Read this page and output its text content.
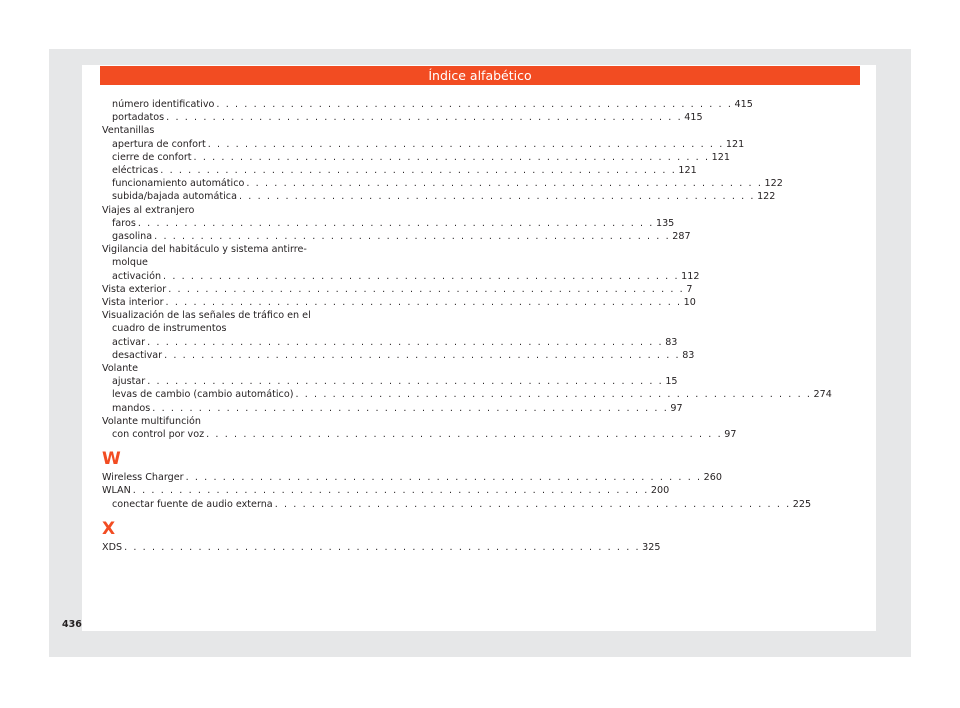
Índice alfabético
número identificativo . . . . . . . . . . . . . . . . . . . . . . . . . . . . . . . . . . . . . . . . . . . . . . . . . . . . . . . . 415
portadatos . . . . . . . . . . . . . . . . . . . . . . . . . . . . . . . . . . . . . . . . . . . . . . . . . . . . . . . . 415
Ventanillas
apertura de confort . . . . . . . . . . . . . . . . . . . . . . . . . . . . . . . . . . . . . . . . . . . . . . . . . . . . . . . . 121
cierre de confort . . . . . . . . . . . . . . . . . . . . . . . . . . . . . . . . . . . . . . . . . . . . . . . . . . . . . . . . 121
eléctricas . . . . . . . . . . . . . . . . . . . . . . . . . . . . . . . . . . . . . . . . . . . . . . . . . . . . . . . . 121
funcionamiento automático . . . . . . . . . . . . . . . . . . . . . . . . . . . . . . . . . . . . . . . . . . . . . . . . . . . . . . . . 122
subida/bajada automática . . . . . . . . . . . . . . . . . . . . . . . . . . . . . . . . . . . . . . . . . . . . . . . . . . . . . . . . 122
Viajes al extranjero
faros . . . . . . . . . . . . . . . . . . . . . . . . . . . . . . . . . . . . . . . . . . . . . . . . . . . . . . . . 135
gasolina . . . . . . . . . . . . . . . . . . . . . . . . . . . . . . . . . . . . . . . . . . . . . . . . . . . . . . . . 287
Vigilancia del habitáculo y sistema antirre-
molque
activación . . . . . . . . . . . . . . . . . . . . . . . . . . . . . . . . . . . . . . . . . . . . . . . . . . . . . . . . 112
Vista exterior . . . . . . . . . . . . . . . . . . . . . . . . . . . . . . . . . . . . . . . . . . . . . . . . . . . . . . . . 7
Vista interior . . . . . . . . . . . . . . . . . . . . . . . . . . . . . . . . . . . . . . . . . . . . . . . . . . . . . . . . 10
Visualización de las señales de tráfico en el
cuadro de instrumentos
activar . . . . . . . . . . . . . . . . . . . . . . . . . . . . . . . . . . . . . . . . . . . . . . . . . . . . . . . . 83
desactivar . . . . . . . . . . . . . . . . . . . . . . . . . . . . . . . . . . . . . . . . . . . . . . . . . . . . . . . . 83
Volante
ajustar . . . . . . . . . . . . . . . . . . . . . . . . . . . . . . . . . . . . . . . . . . . . . . . . . . . . . . . . 15
levas de cambio (cambio automático) . . . . . . . . . . . . . . . . . . . . . . . . . . . . . . . . . . . . . . . . . . . . . . . . . . . . . . . . 274
mandos . . . . . . . . . . . . . . . . . . . . . . . . . . . . . . . . . . . . . . . . . . . . . . . . . . . . . . . . 97
Volante multifunción
con control por voz . . . . . . . . . . . . . . . . . . . . . . . . . . . . . . . . . . . . . . . . . . . . . . . . . . . . . . . . 97
W
Wireless Charger . . . . . . . . . . . . . . . . . . . . . . . . . . . . . . . . . . . . . . . . . . . . . . . . . . . . . . . . 260
WLAN . . . . . . . . . . . . . . . . . . . . . . . . . . . . . . . . . . . . . . . . . . . . . . . . . . . . . . . . 200
conectar fuente de audio externa . . . . . . . . . . . . . . . . . . . . . . . . . . . . . . . . . . . . . . . . . . . . . . . . . . . . . . . . 225
X
XDS . . . . . . . . . . . . . . . . . . . . . . . . . . . . . . . . . . . . . . . . . . . . . . . . . . . . . . . . 325
436
